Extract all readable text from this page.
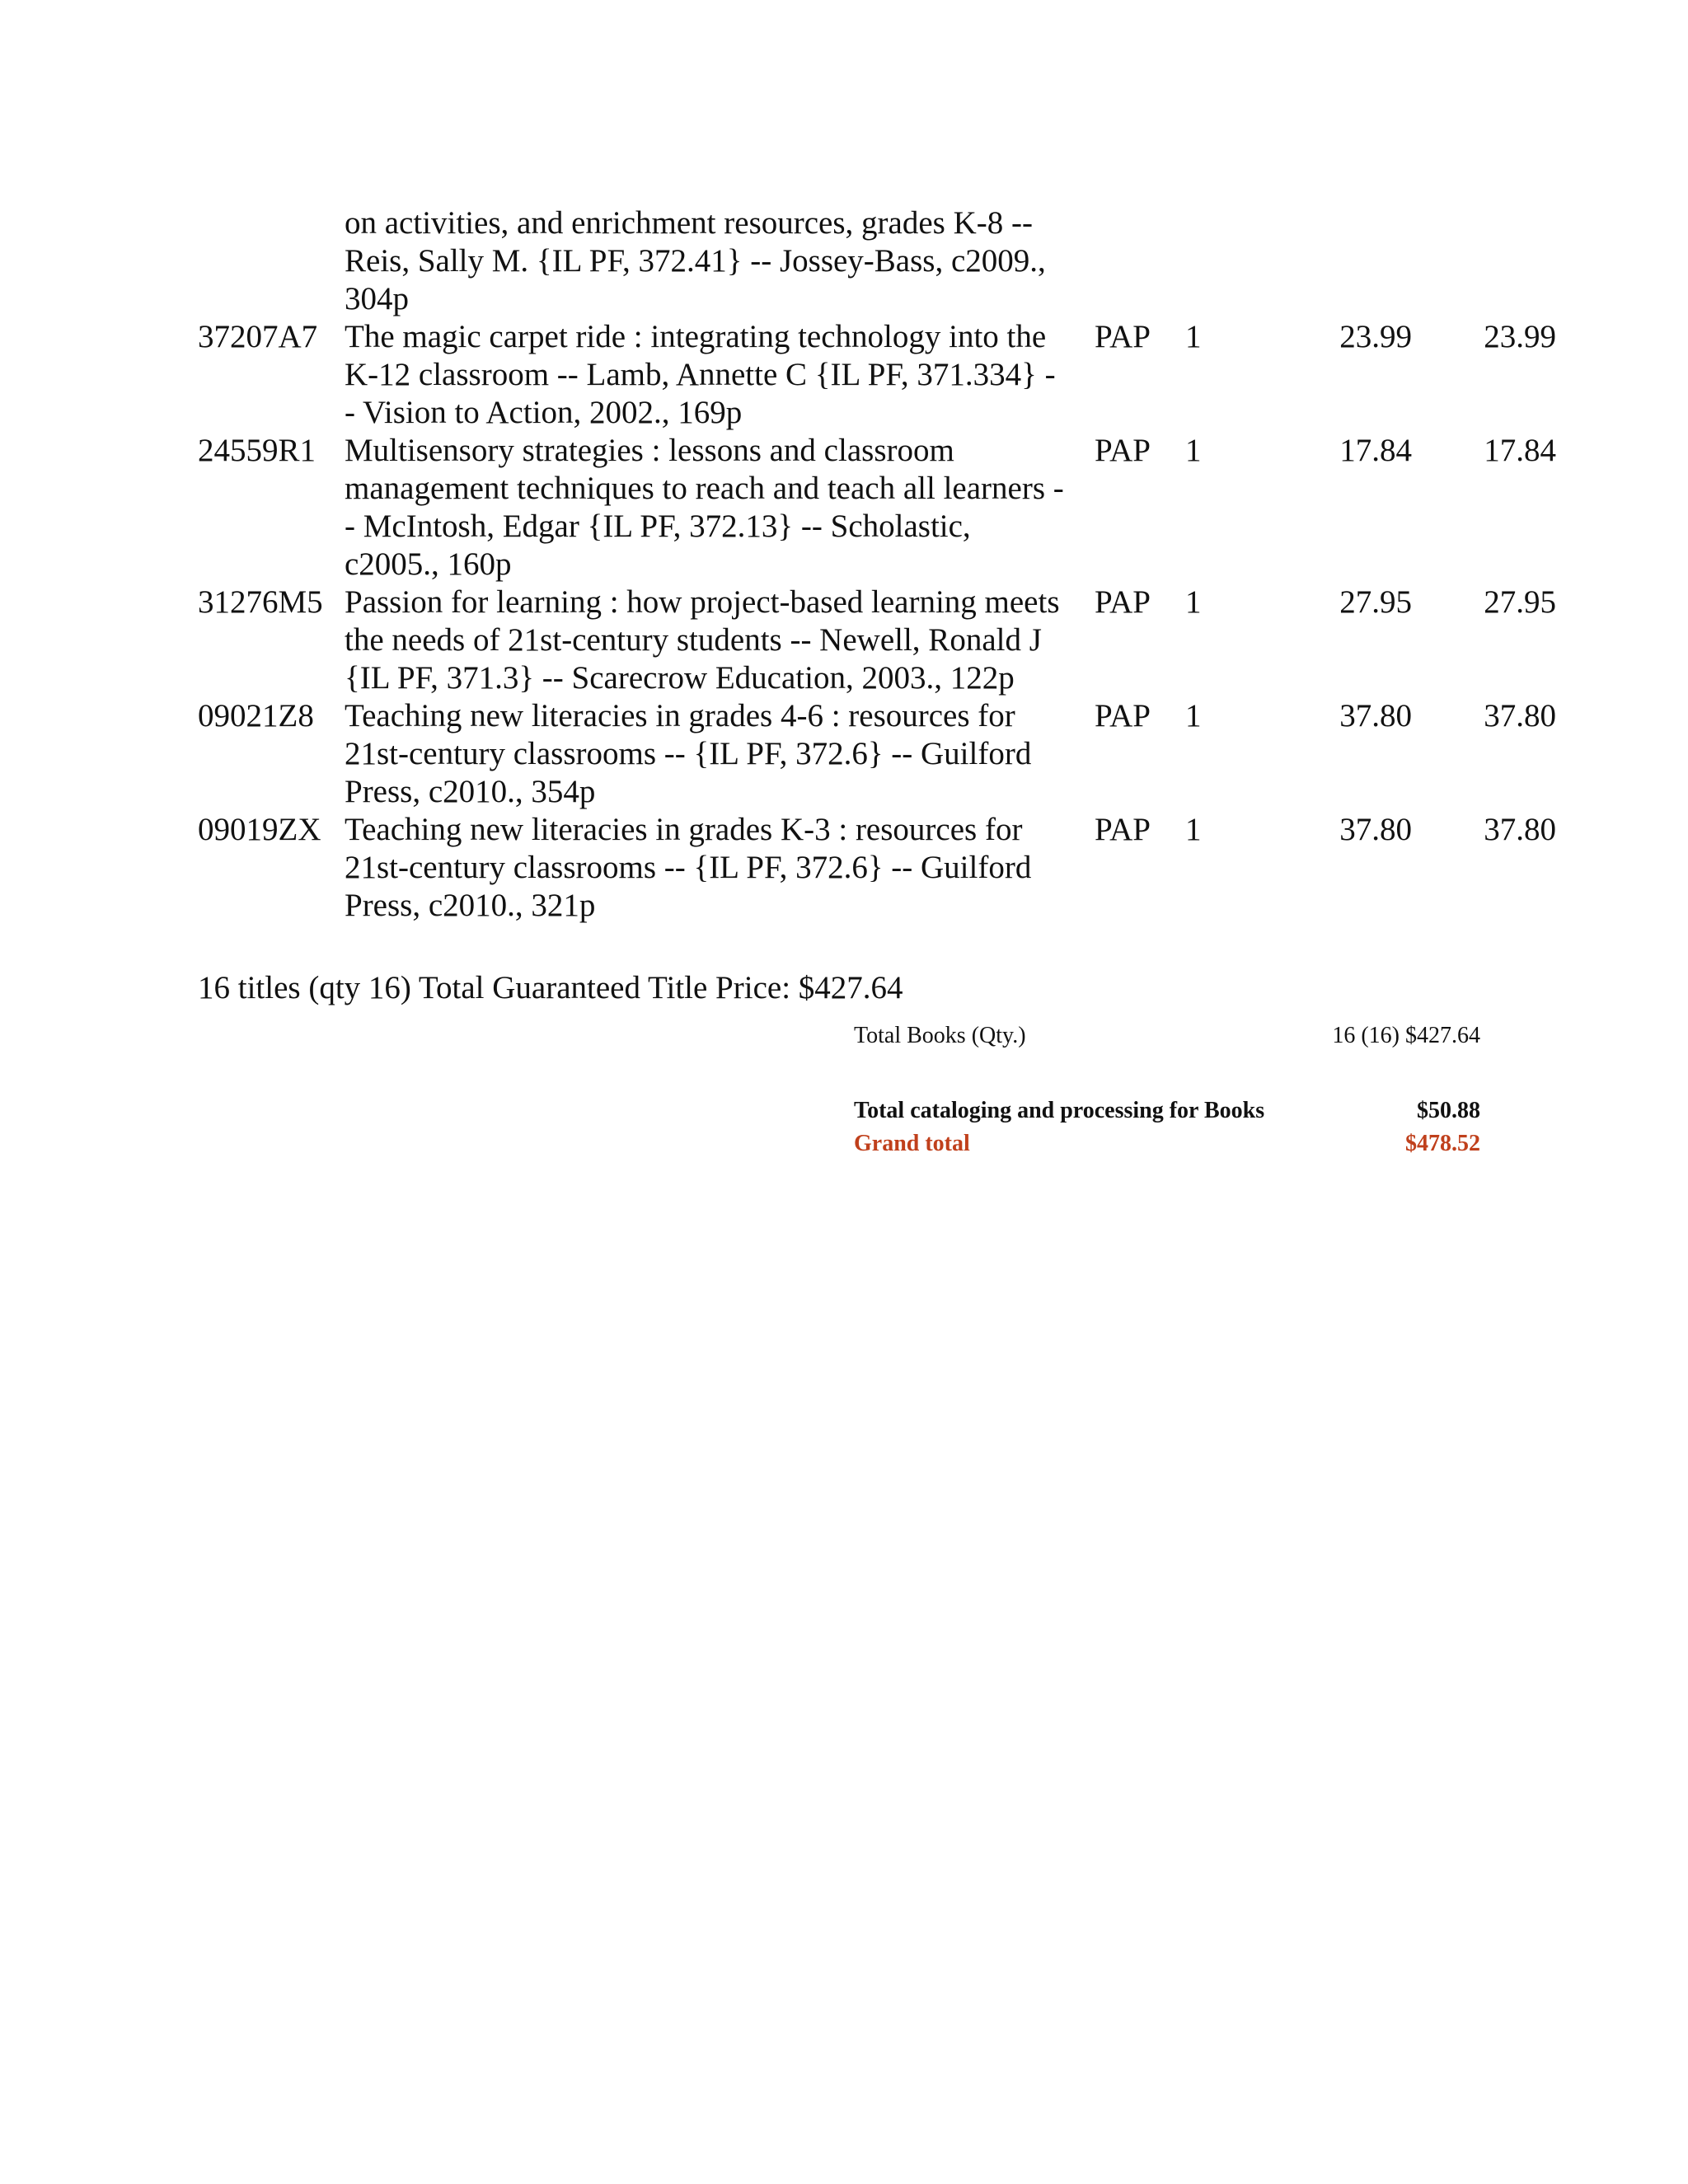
on activities, and enrichment resources, grades K-8 --
Reis, Sally M. {IL PF, 372.41} -- Jossey-Bass, c2009.,
304p
37207A7 The magic carpet ride : integrating technology into the
K-12 classroom -- Lamb, Annette C {IL PF, 371.334} -
- Vision to Action, 2002., 169p
PAP	1	23.99	23.99
24559R1 Multisensory strategies : lessons and classroom
management techniques to reach and teach all learners -
- McIntosh, Edgar {IL PF, 372.13} -- Scholastic,
c2005., 160p
PAP	1	17.84	17.84
31276M5 Passion for learning : how project-based learning meets
the needs of 21st-century students -- Newell, Ronald J
{IL PF, 371.3} -- Scarecrow Education, 2003., 122p
PAP	1	27.95	27.95
09021Z8 Teaching new literacies in grades 4-6 : resources for
21st-century classrooms -- {IL PF, 372.6} -- Guilford
Press, c2010., 354p
PAP	1	37.80	37.80
09019ZX Teaching new literacies in grades K-3 : resources for
21st-century classrooms -- {IL PF, 372.6} -- Guilford
Press, c2010., 321p
PAP	1	37.80	37.80
16 titles (qty 16) Total Guaranteed Title Price: $427.64
Total Books (Qty.)	16 (16) $427.64
Total cataloging and processing for Books	$50.88
Grand total	$478.52
